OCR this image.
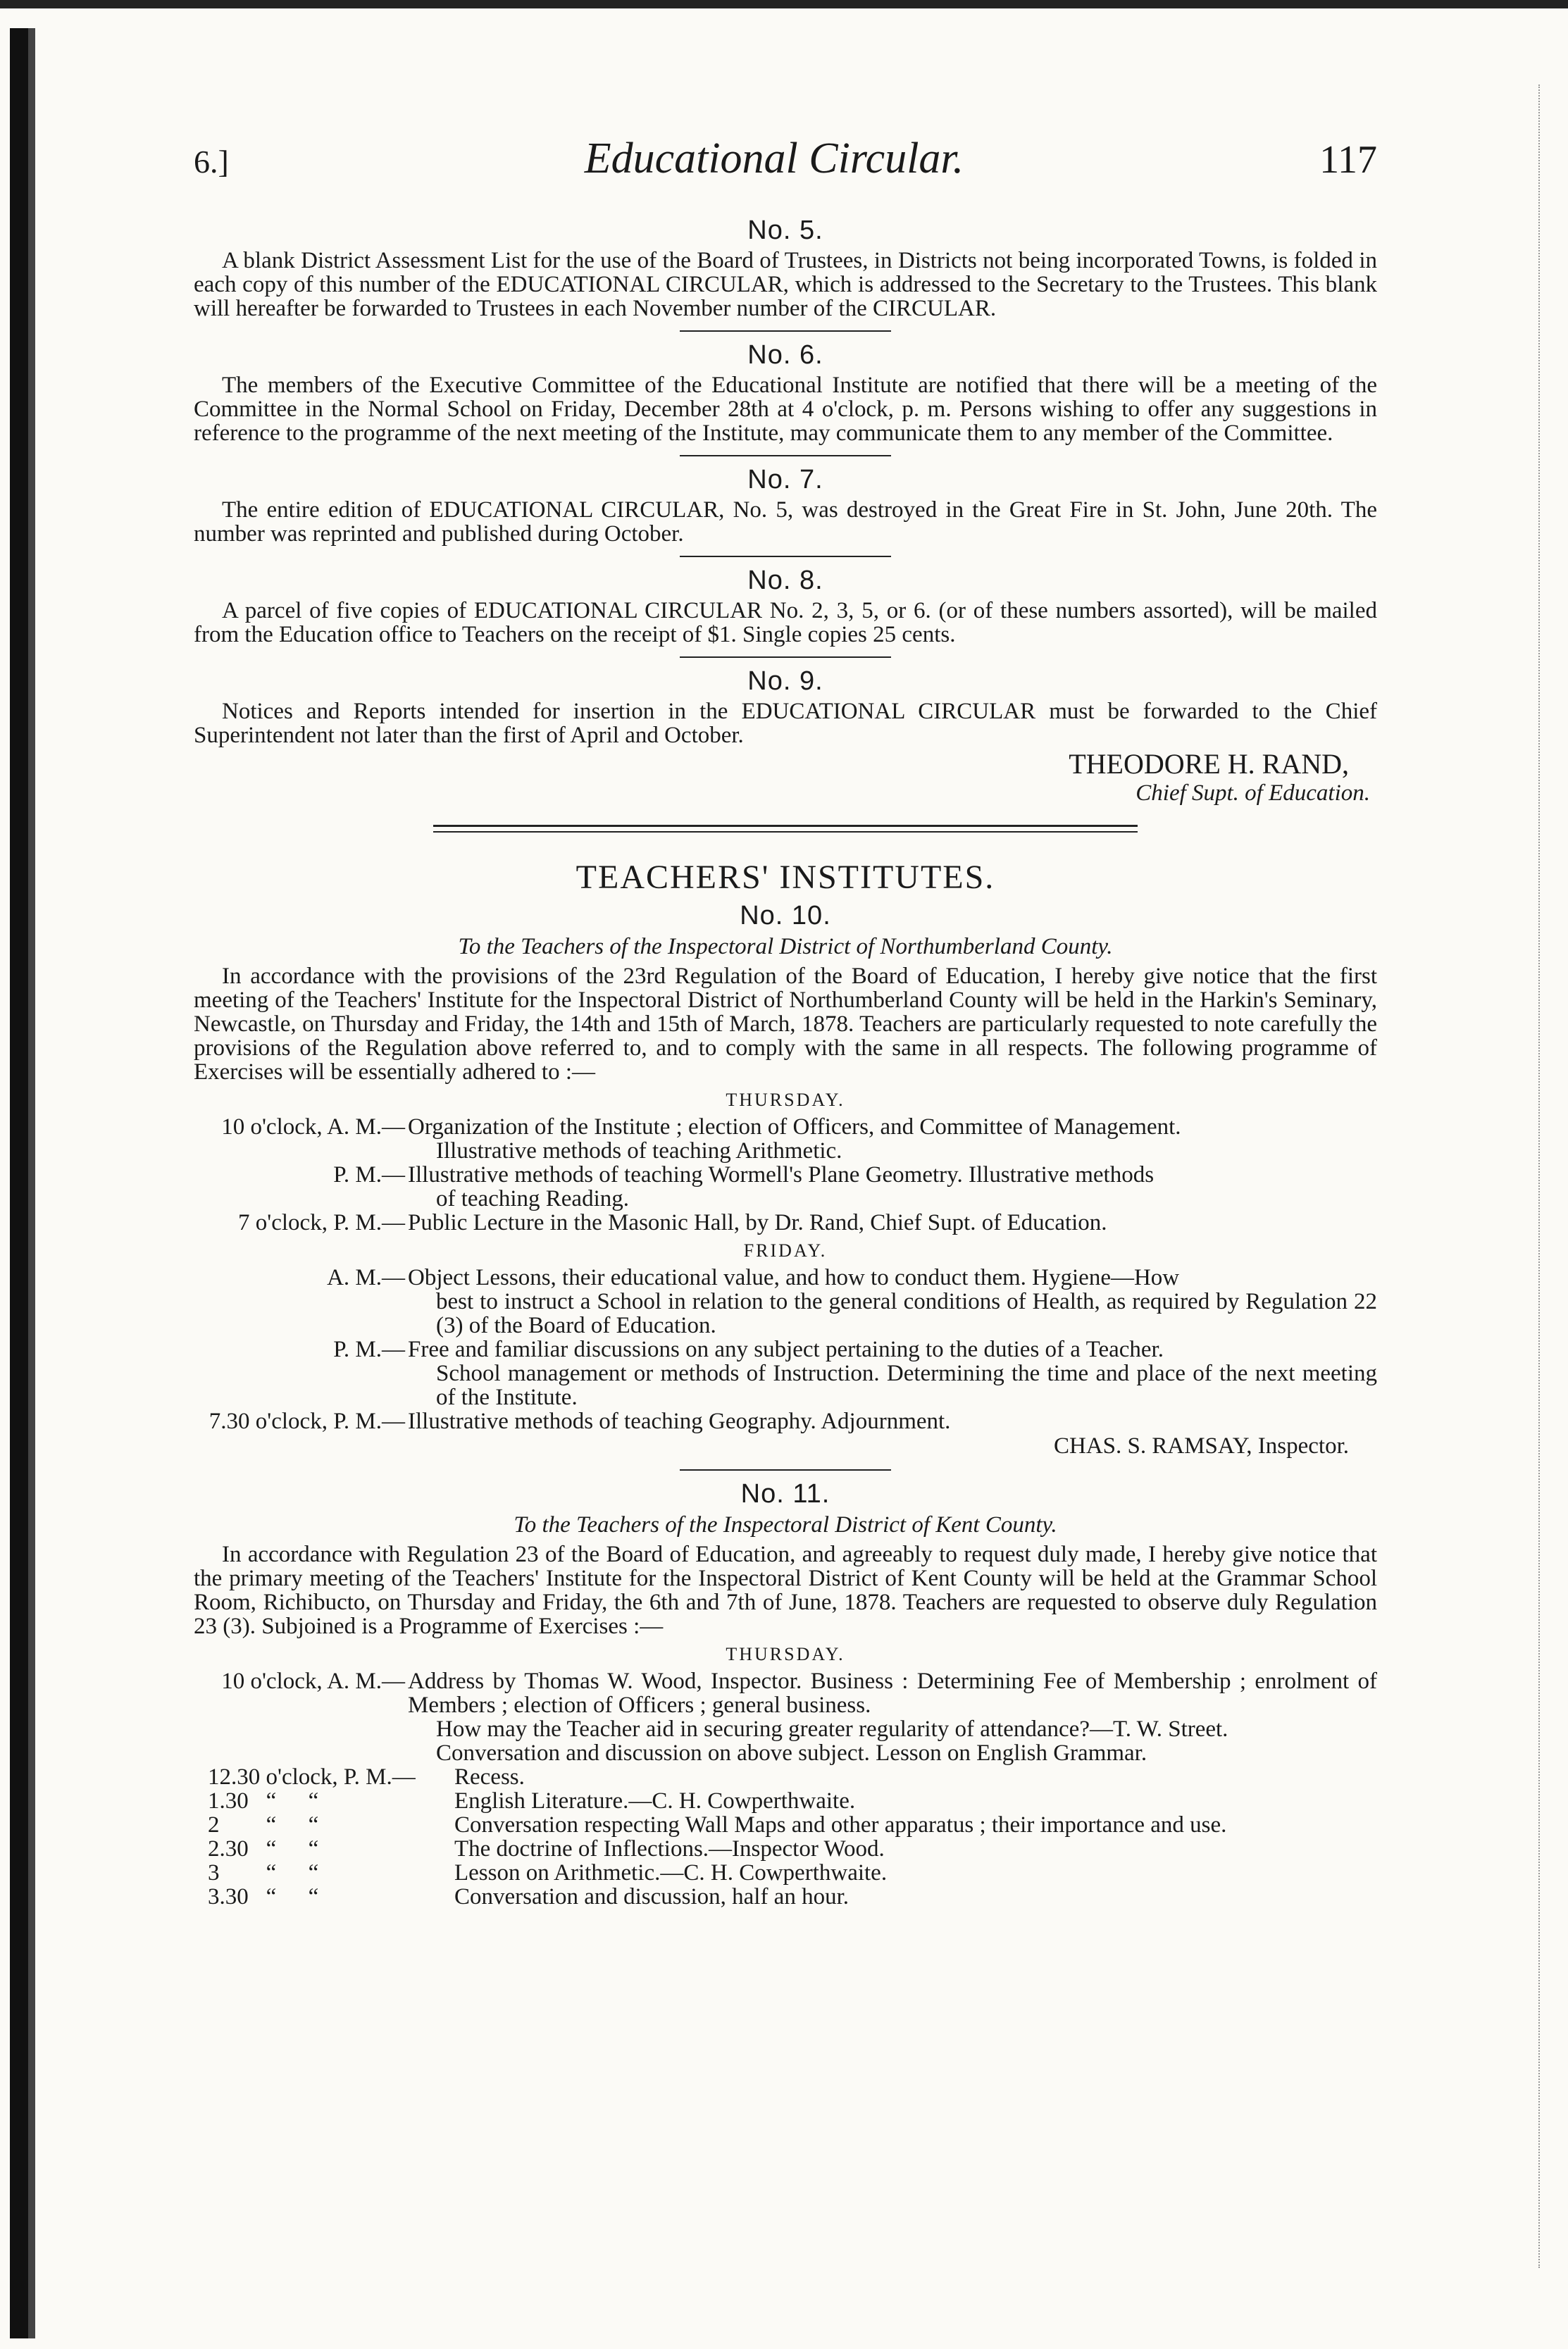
6.]	Educational Circular.	117
No. 5.
A blank District Assessment List for the use of the Board of Trustees, in Districts not being incorporated Towns, is folded in each copy of this number of the EDUCATIONAL CIRCULAR, which is addressed to the Secretary to the Trustees. This blank will hereafter be forwarded to Trustees in each November number of the CIRCULAR.
No. 6.
The members of the Executive Committee of the Educational Institute are notified that there will be a meeting of the Committee in the Normal School on Friday, December 28th at 4 o'clock, p. m. Persons wishing to offer any suggestions in reference to the programme of the next meeting of the Institute, may communicate them to any member of the Committee.
No. 7.
The entire edition of EDUCATIONAL CIRCULAR, No. 5, was destroyed in the Great Fire in St. John, June 20th. The number was reprinted and published during October.
No. 8.
A parcel of five copies of EDUCATIONAL CIRCULAR No. 2, 3, 5, or 6. (or of these numbers assorted), will be mailed from the Education office to Teachers on the receipt of $1. Single copies 25 cents.
No. 9.
Notices and Reports intended for insertion in the EDUCATIONAL CIRCULAR must be forwarded to the Chief Superintendent not later than the first of April and October.
THEODORE H. RAND,
Chief Supt. of Education.
TEACHERS' INSTITUTES.
No. 10.
To the Teachers of the Inspectoral District of Northumberland County.
In accordance with the provisions of the 23rd Regulation of the Board of Education, I hereby give notice that the first meeting of the Teachers' Institute for the Inspectoral District of Northumberland County will be held in the Harkin's Seminary, Newcastle, on Thursday and Friday, the 14th and 15th of March, 1878. Teachers are particularly requested to note carefully the provisions of the Regulation above referred to, and to comply with the same in all respects. The following programme of Exercises will be essentially adhered to :—
THURSDAY.
10 o'clock, A. M.— Organization of the Institute ; election of Officers, and Committee of Management.
Illustrative methods of teaching Arithmetic.
P. M.— Illustrative methods of teaching Wormell's Plane Geometry. Illustrative methods
of teaching Reading.
7 o'clock, P. M.— Public Lecture in the Masonic Hall, by Dr. Rand, Chief Supt. of Education.
FRIDAY.
A. M.— Object Lessons, their educational value, and how to conduct them. Hygiene—How
best to instruct a School in relation to the general conditions of Health, as required by Regulation 22 (3) of the Board of Education.
P. M.— Free and familiar discussions on any subject pertaining to the duties of a Teacher.
School management or methods of Instruction. Determining the time and place of the next meeting of the Institute.
7.30 o'clock, P. M.— Illustrative methods of teaching Geography. Adjournment.
CHAS. S. RAMSAY, Inspector.
No. 11.
To the Teachers of the Inspectoral District of Kent County.
In accordance with Regulation 23 of the Board of Education, and agreeably to request duly made, I hereby give notice that the primary meeting of the Teachers' Institute for the Inspectoral District of Kent County will be held at the Grammar School Room, Richibucto, on Thursday and Friday, the 6th and 7th of June, 1878. Teachers are requested to observe duly Regulation 23 (3). Subjoined is a Programme of Exercises :—
THURSDAY.
10 o'clock, A. M.— Address by Thomas W. Wood, Inspector. Business : Determining Fee of Membership ; enrolment of Members ; election of Officers ; general business.
How may the Teacher aid in securing greater regularity of attendance?—T. W. Street.
Conversation and discussion on above subject. Lesson on English Grammar.
12.30 o'clock, P. M.—	Recess.
1.30 “ “	English Literature.—C. H. Cowperthwaite.
2 “ “	Conversation respecting Wall Maps and other apparatus ; their importance and use.
2.30 “ “	The doctrine of Inflections.—Inspector Wood.
3 “ “	Lesson on Arithmetic.—C. H. Cowperthwaite.
3.30 “ “	Conversation and discussion, half an hour.
